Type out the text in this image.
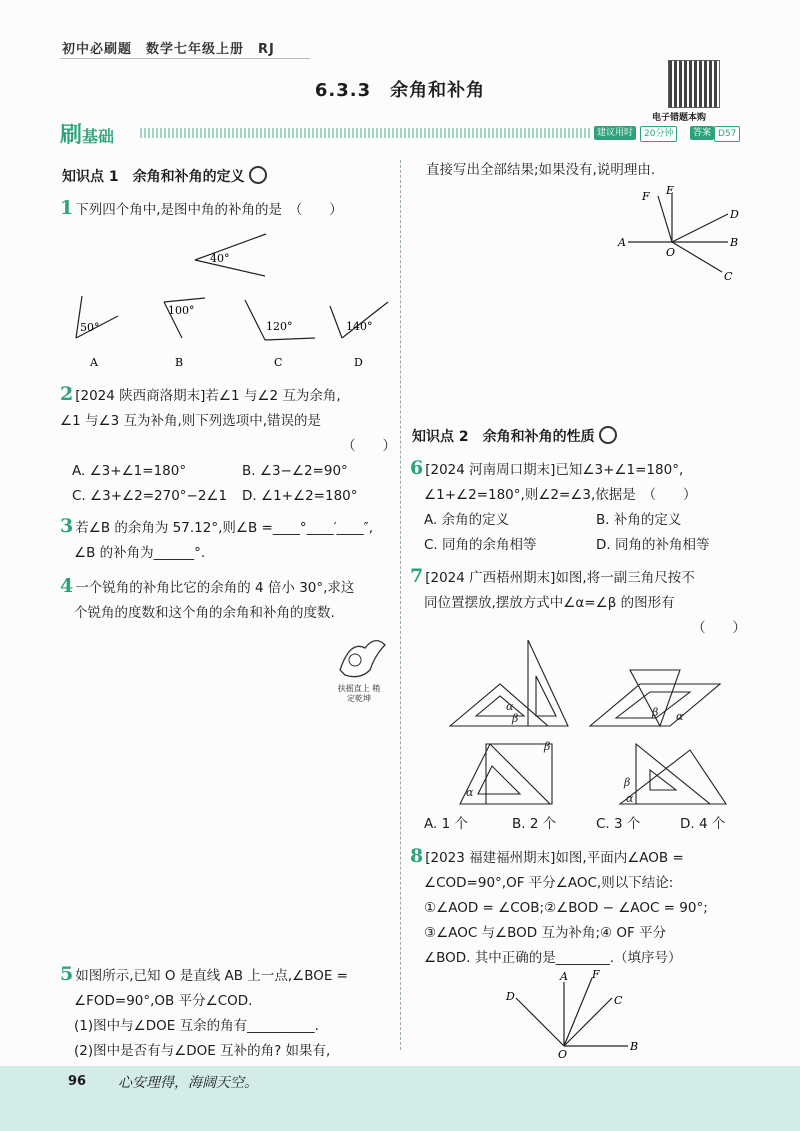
初中必刷题　数学七年级上册　RJ
6.3.3　余角和补角
电子错题本购
刷基础	建议用时	20分钟	答案 D57
知识点 1　余角和补角的定义
1 下列四个角中,是图中角的补角的是　（　　）
40°
50°
A
100°
B
120°
C
140°
D
2 [2024 陕西商洛期末]若∠1 与∠2 互为余角,
∠1 与∠3 互为补角,则下列选项中,错误的是
（　　）
A. ∠3+∠1=180°	B. ∠3−∠2=90°
C. ∠3+∠2=270°−2∠1	D. ∠1+∠2=180°
3 若∠B 的余角为 57.12°,则∠B =____°____′____″,
∠B 的补角为______°.
4 一个锐角的补角比它的余角的 4 倍小 30°,求这
个锐角的度数和这个角的余角和补角的度数.
扶摇直上 稍定乾坤
5 如图所示,已知 O 是直线 AB 上一点,∠BOE =
∠FOD=90°,OB 平分∠COD.
(1)图中与∠DOE 互余的角有__________.
(2)图中是否有与∠DOE 互补的角? 如果有,
直接写出全部结果;如果没有,说明理由.
A	B
C
D
E
F
O
知识点 2　余角和补角的性质
6 [2024 河南周口期末]已知∠3+∠1=180°,
∠1+∠2=180°,则∠2=∠3,依据是　（　　）
A. 余角的定义	B. 补角的定义
C. 同角的余角相等	D. 同角的补角相等
7 [2024 广西梧州期末]如图,将一副三角尺按不
同位置摆放,摆放方式中∠α=∠β 的图形有
（　　）
β
α
α
β
β
α
β
α
A. 1 个	B. 2 个	C. 3 个	D. 4 个
8 [2023 福建福州期末]如图,平面内∠AOB =
∠COD=90°,OF 平分∠AOC,则以下结论:
①∠AOD = ∠COB;②∠BOD − ∠AOC = 90°;
③∠AOC 与∠BOD 互为补角;④ OF 平分
∠BOD. 其中正确的是________.（填序号）
A
B
C
D
F
O
96 心安理得，海阔天空。
